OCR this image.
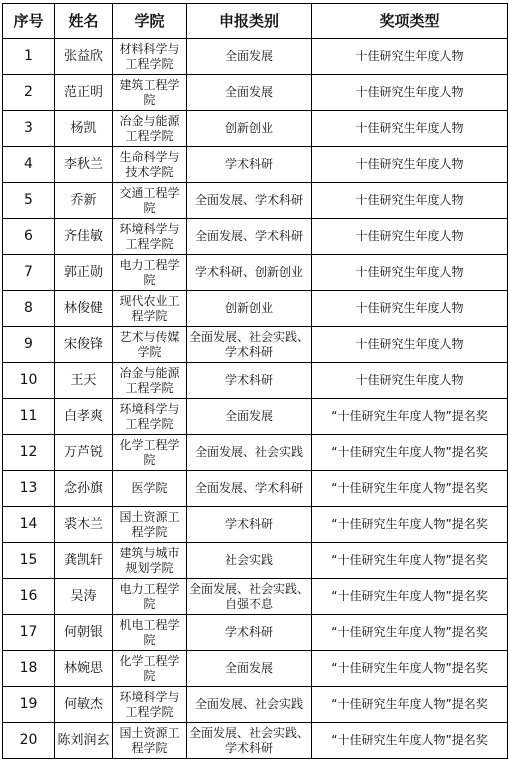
序号	姓名	学院	申报类别	奖项类型

1	张益欣	材料科学与工程学院	全面发展	十佳研究生年度人物

2	范正明	建筑工程学院	全面发展	十佳研究生年度人物

3	杨凯	冶金与能源工程学院	创新创业	十佳研究生年度人物

4	李秋兰	生命科学与技术学院	学术科研	十佳研究生年度人物

5	乔新	交通工程学院	全面发展、学术科研	十佳研究生年度人物

6	齐佳敏	环境科学与工程学院	全面发展、学术科研	十佳研究生年度人物

7	郭正勋	电力工程学院	学术科研、创新创业	十佳研究生年度人物

8	林俊健	现代农业工程学院	创新创业	十佳研究生年度人物

9	宋俊锋	艺术与传媒学院	全面发展、社会实践、学术科研	十佳研究生年度人物

10	王天	冶金与能源工程学院	学术科研	十佳研究生年度人物

11	白孝爽	环境科学与工程学院	全面发展	“十佳研究生年度人物”提名奖

12	万芦锐	化学工程学院	全面发展、社会实践	“十佳研究生年度人物”提名奖

13	念孙旗	医学院	全面发展、学术科研	“十佳研究生年度人物”提名奖

14	裘木兰	国土资源工程学院	学术科研	“十佳研究生年度人物”提名奖

15	龚凯轩	建筑与城市规划学院	社会实践	“十佳研究生年度人物”提名奖

16	吴涛	电力工程学院	全面发展、社会实践、自强不息	“十佳研究生年度人物”提名奖

17	何朝银	机电工程学院	学术科研	“十佳研究生年度人物”提名奖

18	林婉思	化学工程学院	全面发展	“十佳研究生年度人物”提名奖

19	何敏杰	环境科学与工程学院	全面发展、社会实践	“十佳研究生年度人物”提名奖

20	陈刘润玄	国土资源工程学院	全面发展、社会实践、学术科研	“十佳研究生年度人物”提名奖
